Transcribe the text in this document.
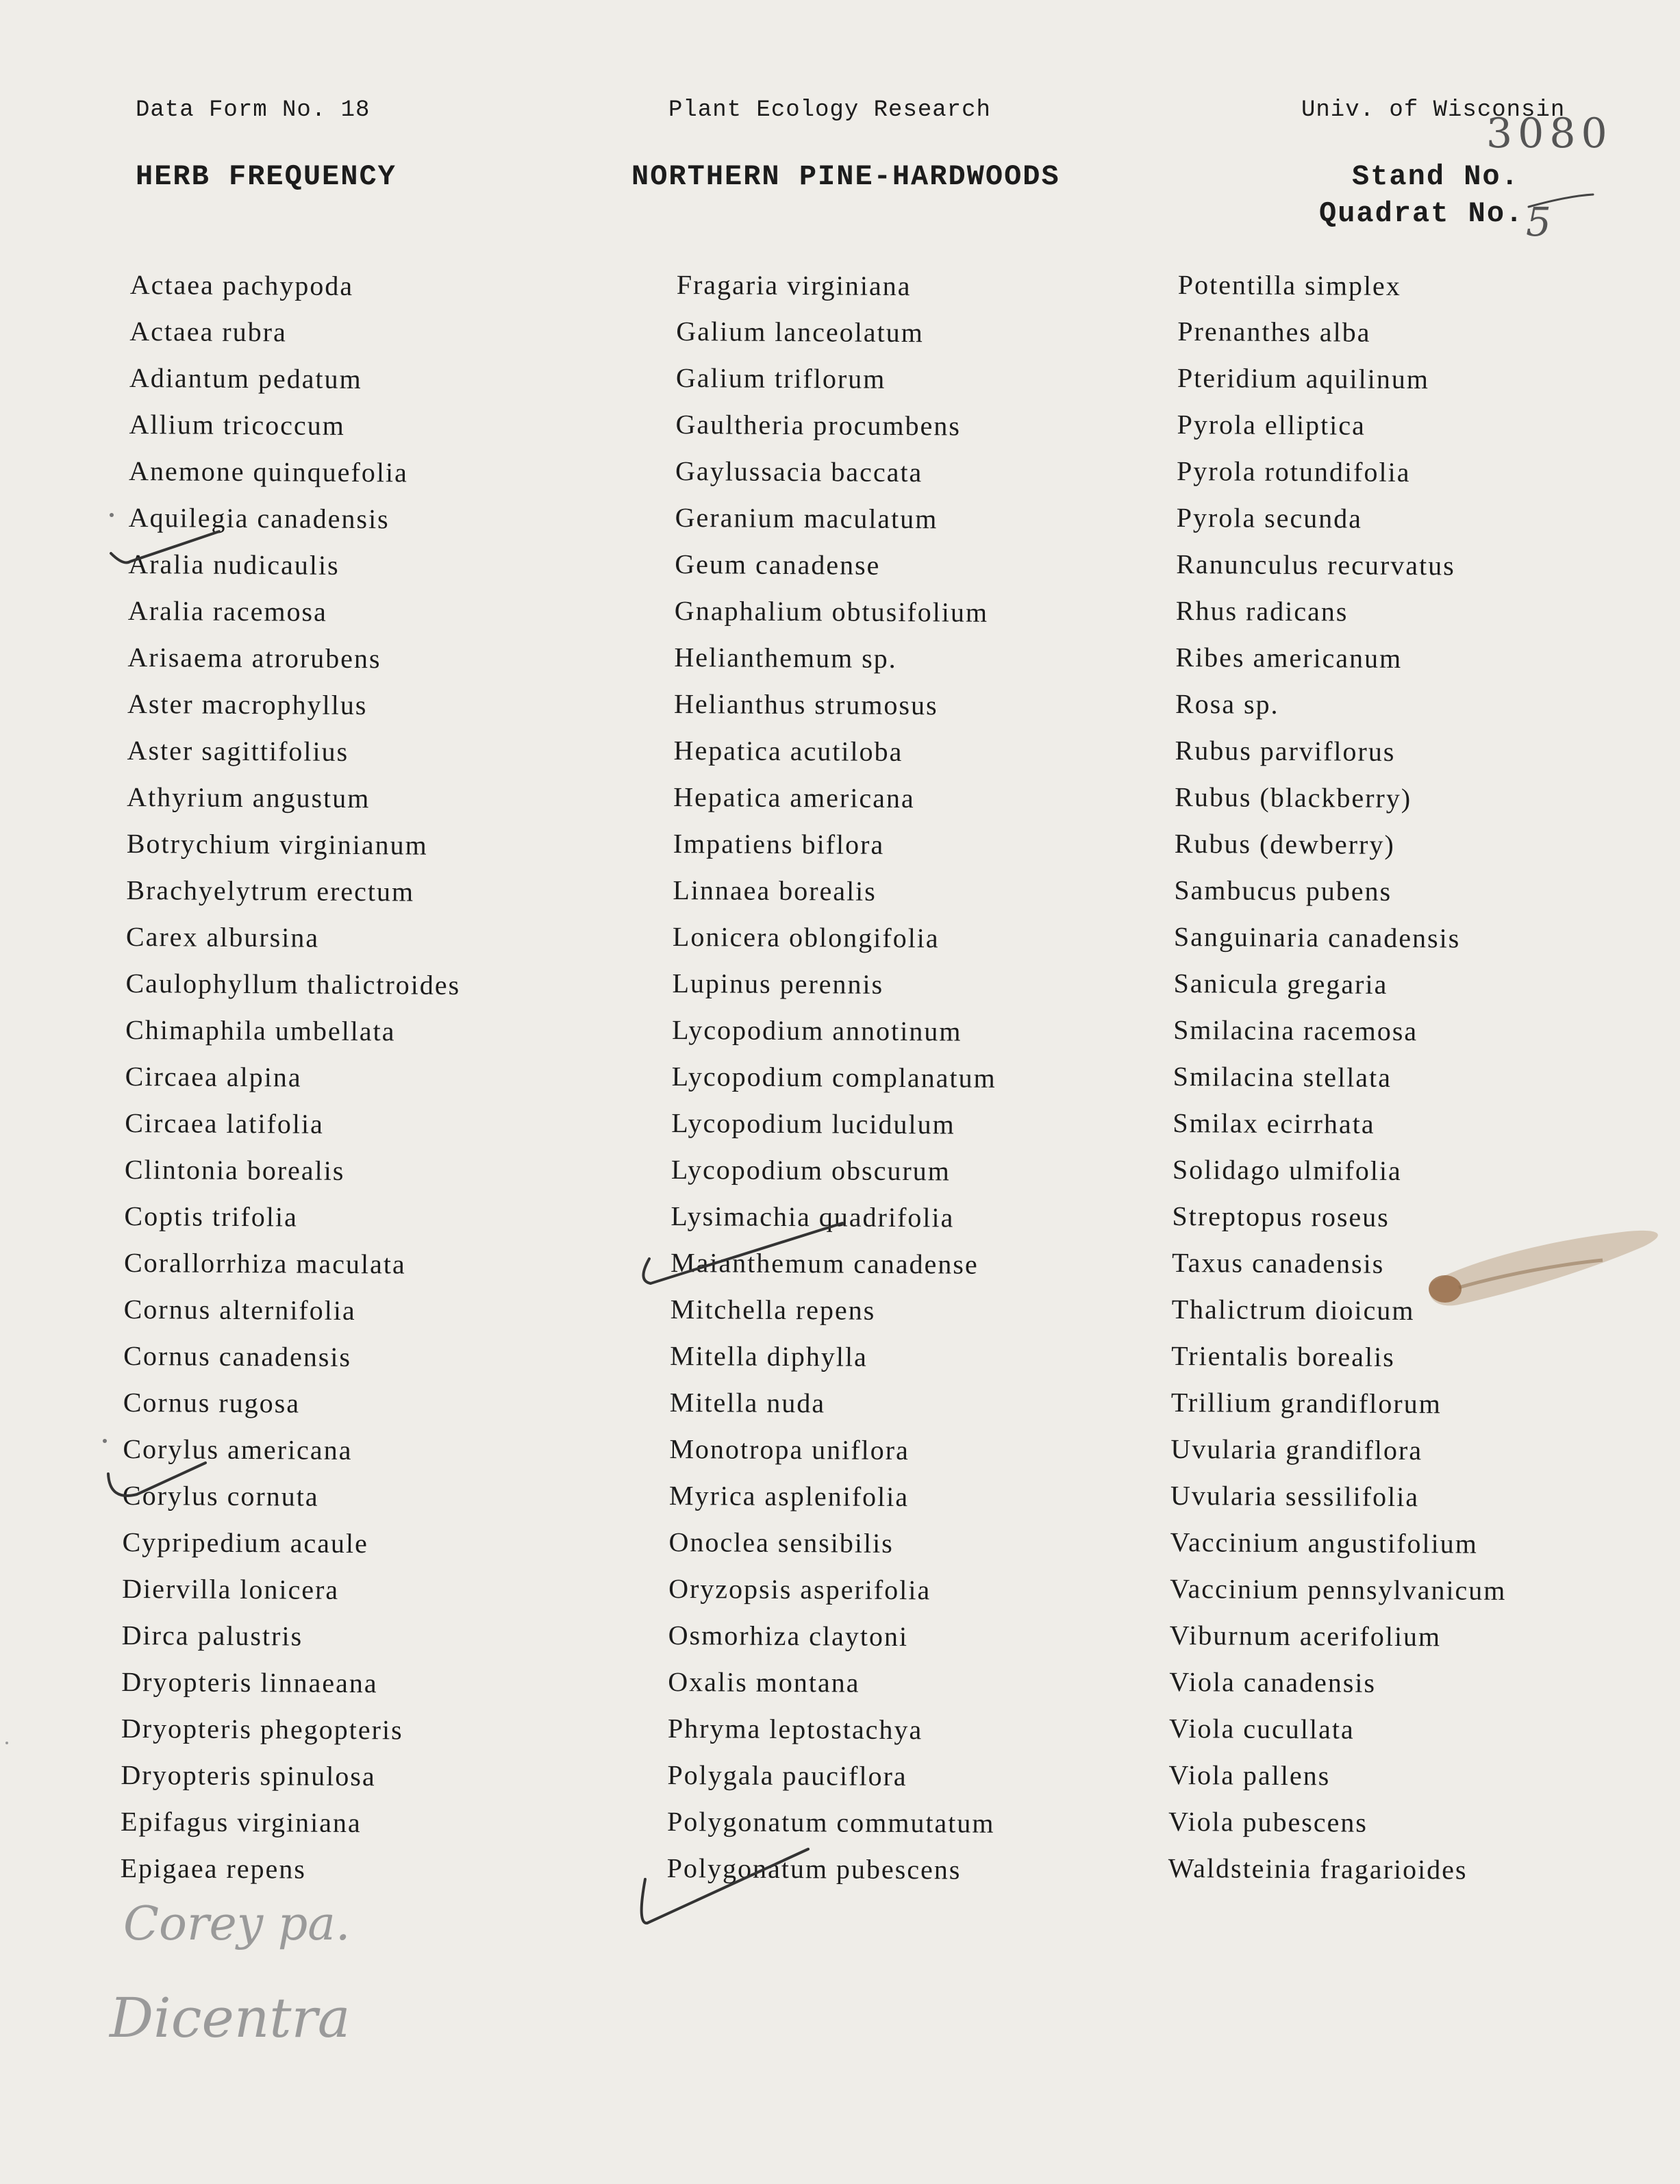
Data Form No. 18	Plant Ecology Research	Univ. of Wisconsin
3080
HERB FREQUENCY	NORTHERN PINE-HARDWOODS	Stand No.
Quadrat No. 5
Actaea pachypoda
Actaea rubra
Adiantum pedatum
Allium tricoccum
Anemone quinquefolia
Aquilegia canadensis
Aralia nudicaulis
Aralia racemosa
Arisaema atrorubens
Aster macrophyllus
Aster sagittifolius
Athyrium angustum
Botrychium virginianum
Brachyelytrum erectum
Carex albursina
Caulophyllum thalictroides
Chimaphila umbellata
Circaea alpina
Circaea latifolia
Clintonia borealis
Coptis trifolia
Corallorrhiza maculata
Cornus alternifolia
Cornus canadensis
Cornus rugosa
Corylus americana
Corylus cornuta
Cypripedium acaule
Diervilla lonicera
Dirca palustris
Dryopteris linnaeana
Dryopteris phegopteris
Dryopteris spinulosa
Epifagus virginiana
Epigaea repens
Fragaria virginiana
Galium lanceolatum
Galium triflorum
Gaultheria procumbens
Gaylussacia baccata
Geranium maculatum
Geum canadense
Gnaphalium obtusifolium
Helianthemum sp.
Helianthus strumosus
Hepatica acutiloba
Hepatica americana
Impatiens biflora
Linnaea borealis
Lonicera oblongifolia
Lupinus perennis
Lycopodium annotinum
Lycopodium complanatum
Lycopodium lucidulum
Lycopodium obscurum
Lysimachia quadrifolia
Maianthemum canadense
Mitchella repens
Mitella diphylla
Mitella nuda
Monotropa uniflora
Myrica asplenifolia
Onoclea sensibilis
Oryzopsis asperifolia
Osmorhiza claytoni
Oxalis montana
Phryma leptostachya
Polygala pauciflora
Polygonatum commutatum
Polygonatum pubescens
Potentilla simplex
Prenanthes alba
Pteridium aquilinum
Pyrola elliptica
Pyrola rotundifolia
Pyrola secunda
Ranunculus recurvatus
Rhus radicans
Ribes americanum
Rosa sp.
Rubus parviflorus
Rubus (blackberry)
Rubus (dewberry)
Sambucus pubens
Sanguinaria canadensis
Sanicula gregaria
Smilacina racemosa
Smilacina stellata
Smilax ecirrhata
Solidago ulmifolia
Streptopus roseus
Taxus canadensis
Thalictrum dioicum
Trientalis borealis
Trillium grandiflorum
Uvularia grandiflora
Uvularia sessilifolia
Vaccinium angustifolium
Vaccinium pennsylvanicum
Viburnum acerifolium
Viola canadensis
Viola cucullata
Viola pallens
Viola pubescens
Waldsteinia fragarioides
Corey pa.
Dicentra
